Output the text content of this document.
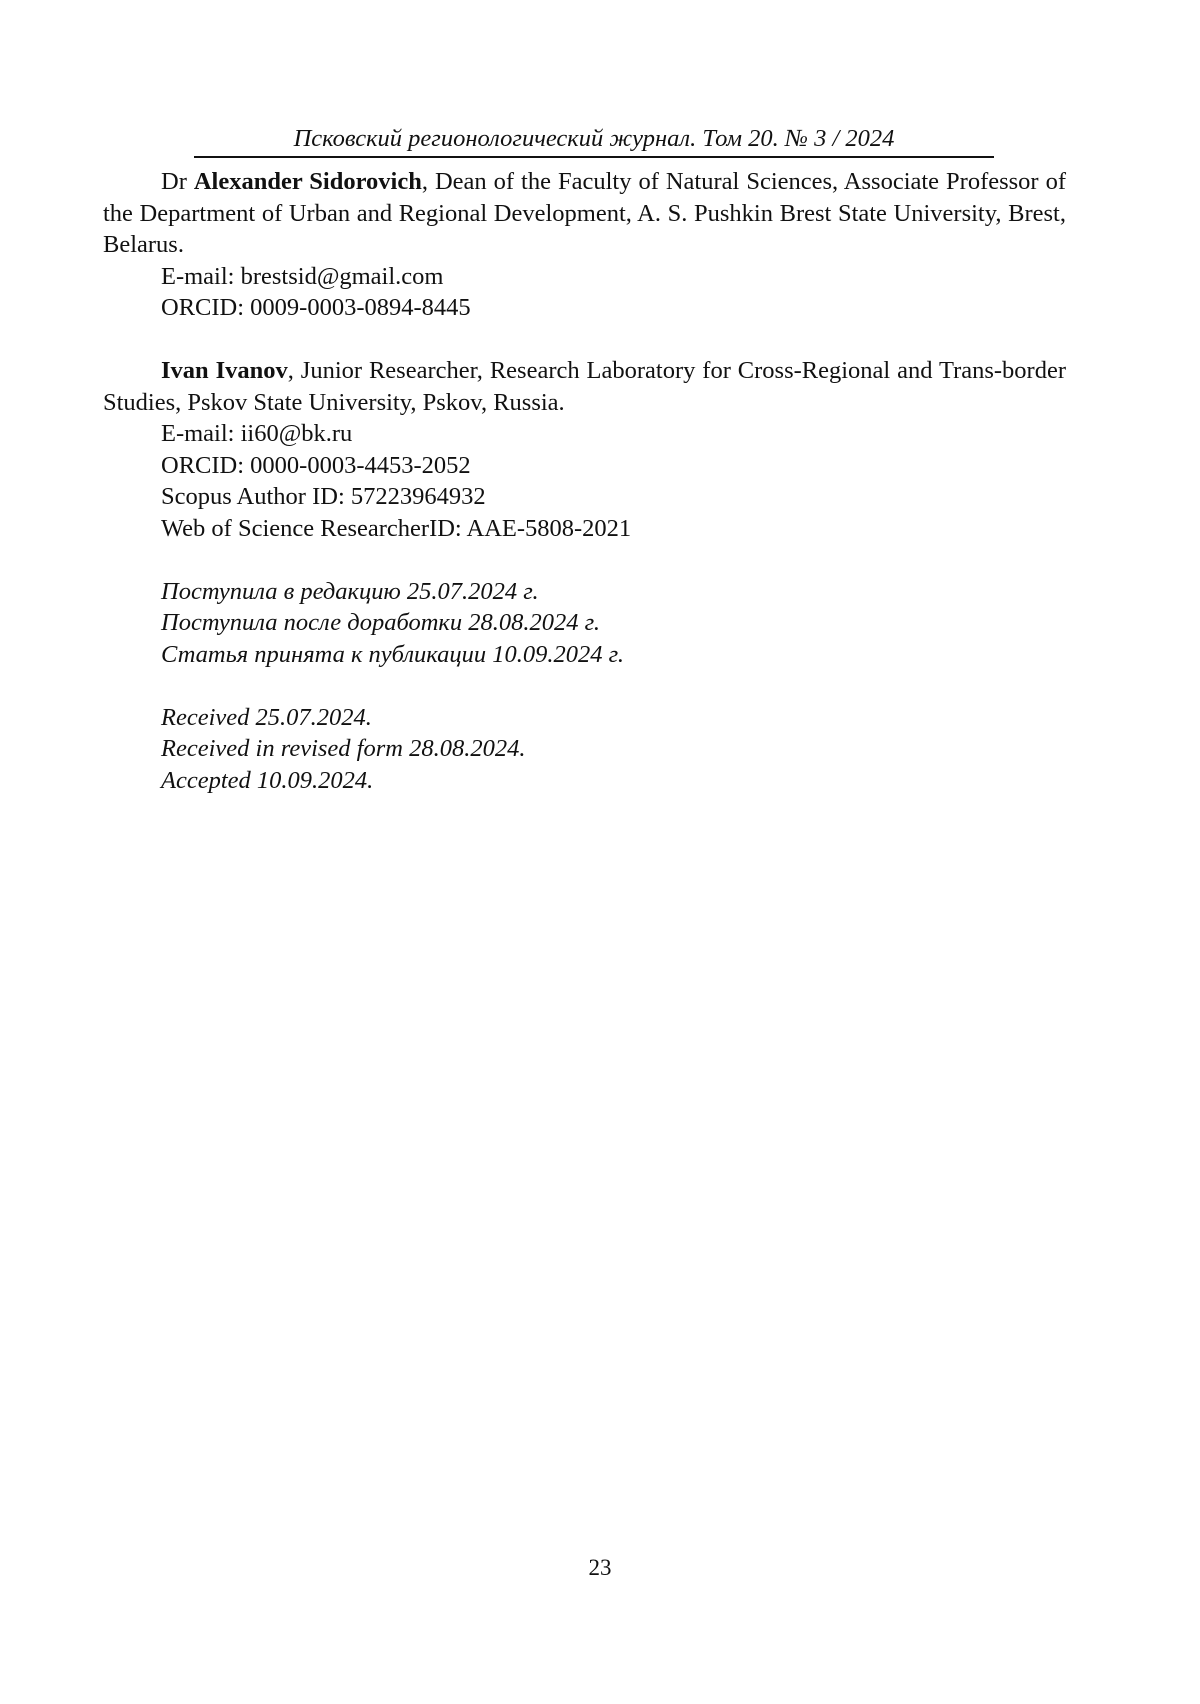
Псковский регионологический журнал. Том 20. № 3 / 2024

Dr Alexander Sidorovich, Dean of the Faculty of Natural Sciences, Associate Professor of the Department of Urban and Regional Development, A. S. Pushkin Brest State University, Brest, Belarus.

E-mail: brestsid@gmail.com

ORCID: 0009-0003-0894-8445

Ivan Ivanov, Junior Researcher, Research Laboratory for Cross-Regional and Trans-border Studies, Pskov State University, Pskov, Russia.

E-mail: ii60@bk.ru

ORCID: 0000-0003-4453-2052

Scopus Author ID: 57223964932

Web of Science ResearcherID: AAE-5808-2021

Поступила в редакцию 25.07.2024 г.

Поступила после доработки 28.08.2024 г.

Статья принята к публикации 10.09.2024 г.

Received 25.07.2024.

Received in revised form 28.08.2024.

Accepted 10.09.2024.

23
